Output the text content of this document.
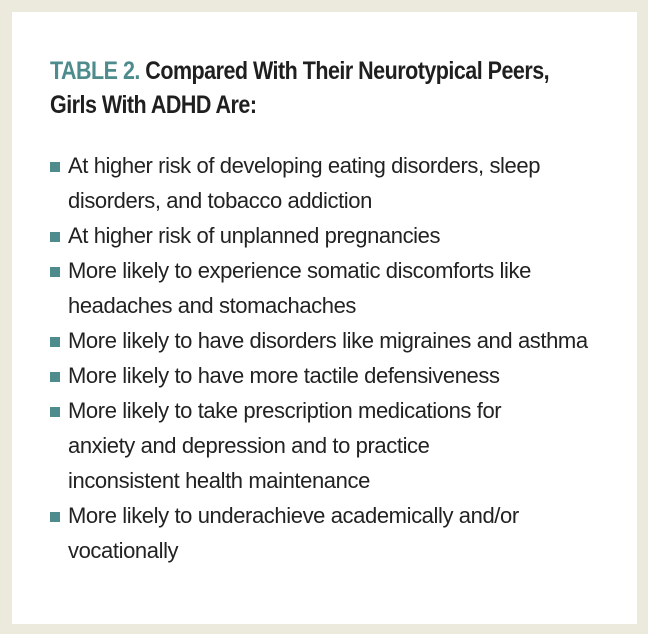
TABLE 2. Compared With Their Neurotypical Peers, Girls With ADHD Are:
At higher risk of developing eating disorders, sleep disorders, and tobacco addiction
At higher risk of unplanned pregnancies
More likely to experience somatic discomforts like headaches and stomachaches
More likely to have disorders like migraines and asthma
More likely to have more tactile defensiveness
More likely to take prescription medications for anxiety and depression and to practice inconsistent health maintenance
More likely to underachieve academically and/or vocationally
